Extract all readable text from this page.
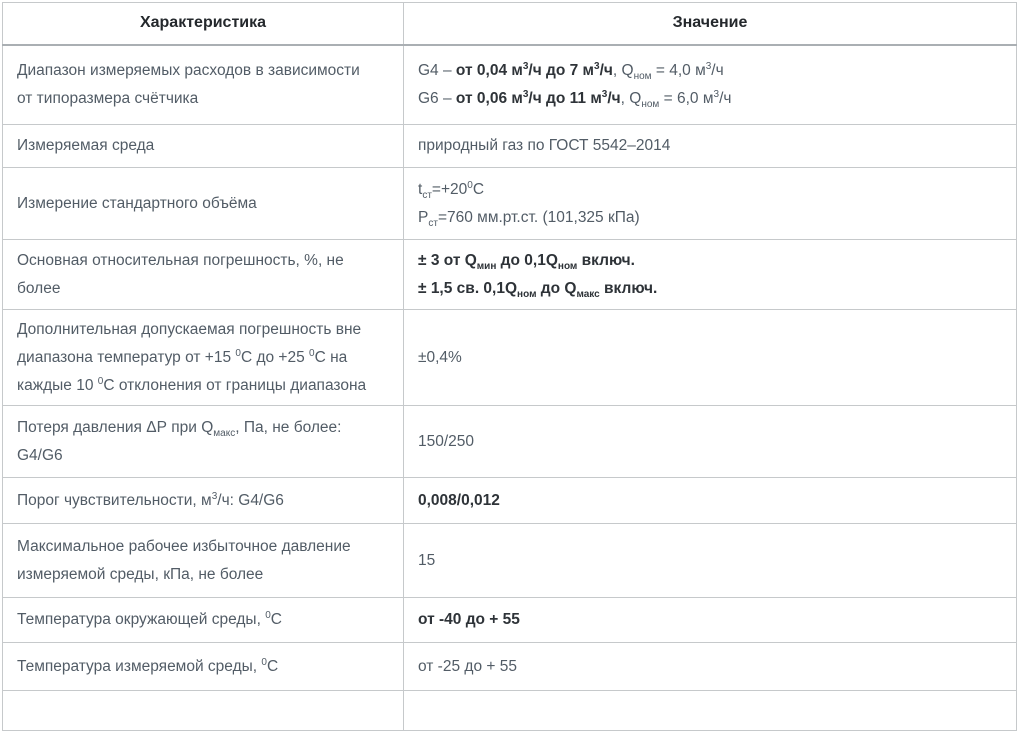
Характеристика	Значение
Диапазон измеряемых расходов в зависимости
от типоразмера счётчика	G4 – от 0,04 $м^3/ч$ до 7 $м^3/ч$, $Q_{ном} = 4,0$ $м^3/ч$
G6 – от 0,06 $м^3/ч$ до 11 $м^3/ч$, $Q_{ном} = 6,0$ $м^3/ч$
Измеряемая среда	природный газ по ГОСТ 5542–2014
Измерение стандартного объёма	$t_{ст}=+20^0С$
$Р_{ст}=760$ мм.рт.ст. (101,325 кПа)
Основная относительная погрешность, %, не
более	± 3 от $Q_{мин}$ до $0,1Q_{ном}$ включ.
± 1,5 св. $0,1Q_{ном}$ до $Q_{макс}$ включ.
Дополнительная допускаемая погрешность вне
диапазона температур от +15 $^0$С до +25 $^0$С на
каждые 10 $^0$С отклонения от границы диапазона	±0,4%
Потеря давления ΔР при $Q_{макс}$, Па, не более:
G4/G6	150/250
Порог чувствительности, $м^3/ч$: G4/G6	0,008/0,012
Максимальное рабочее избыточное давление
измеряемой среды, кПа, не более	15
Температура окружающей среды, $^0$С	от -40 до + 55
Температура измеряемой среды, $^0$С	от -25 до + 55
